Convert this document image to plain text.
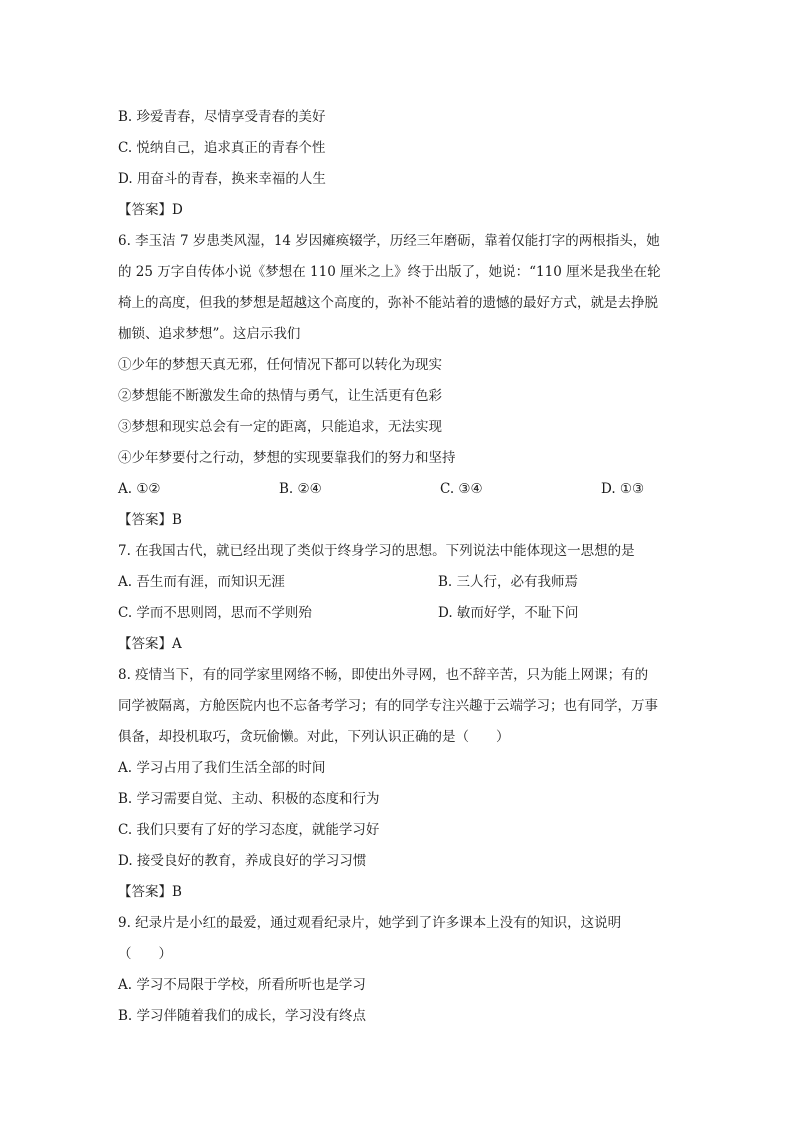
B. 珍爱青春，尽情享受青春的美好
C. 悦纳自己，追求真正的青春个性
D. 用奋斗的青春，换来幸福的人生
【答案】D
6. 李玉洁 7 岁患类风湿，14 岁因瘫痪辍学，历经三年磨砺，靠着仅能打字的两根指头，她
的 25 万字自传体小说《梦想在 110 厘米之上》终于出版了，她说：“110 厘米是我坐在轮
椅上的高度，但我的梦想是超越这个高度的，弥补不能站着的遗憾的最好方式，就是去挣脱
枷锁、追求梦想”。这启示我们
①少年的梦想天真无邪，任何情况下都可以转化为现实
②梦想能不断激发生命的热情与勇气，让生活更有色彩
③梦想和现实总会有一定的距离，只能追求，无法实现
④少年梦要付之行动，梦想的实现要靠我们的努力和坚持
A. ①②	B. ②④	C. ③④	D. ①③
【答案】B
7. 在我国古代，就已经出现了类似于终身学习的思想。下列说法中能体现这一思想的是
A. 吾生而有涯，而知识无涯	B. 三人行，必有我师焉
C. 学而不思则罔，思而不学则殆	D. 敏而好学，不耻下问
【答案】A
8. 疫情当下，有的同学家里网络不畅，即使出外寻网，也不辞辛苦，只为能上网课；有的
同学被隔离，方舱医院内也不忘备考学习；有的同学专注兴趣于云端学习；也有同学，万事
俱备，却投机取巧，贪玩偷懒。对此，下列认识正确的是（　　）
A. 学习占用了我们生活全部的时间
B. 学习需要自觉、主动、积极的态度和行为
C. 我们只要有了好的学习态度，就能学习好
D. 接受良好的教育，养成良好的学习习惯
【答案】B
9. 纪录片是小红的最爱，通过观看纪录片，她学到了许多课本上没有的知识，这说明
（　　）
A. 学习不局限于学校，所看所听也是学习
B. 学习伴随着我们的成长，学习没有终点
